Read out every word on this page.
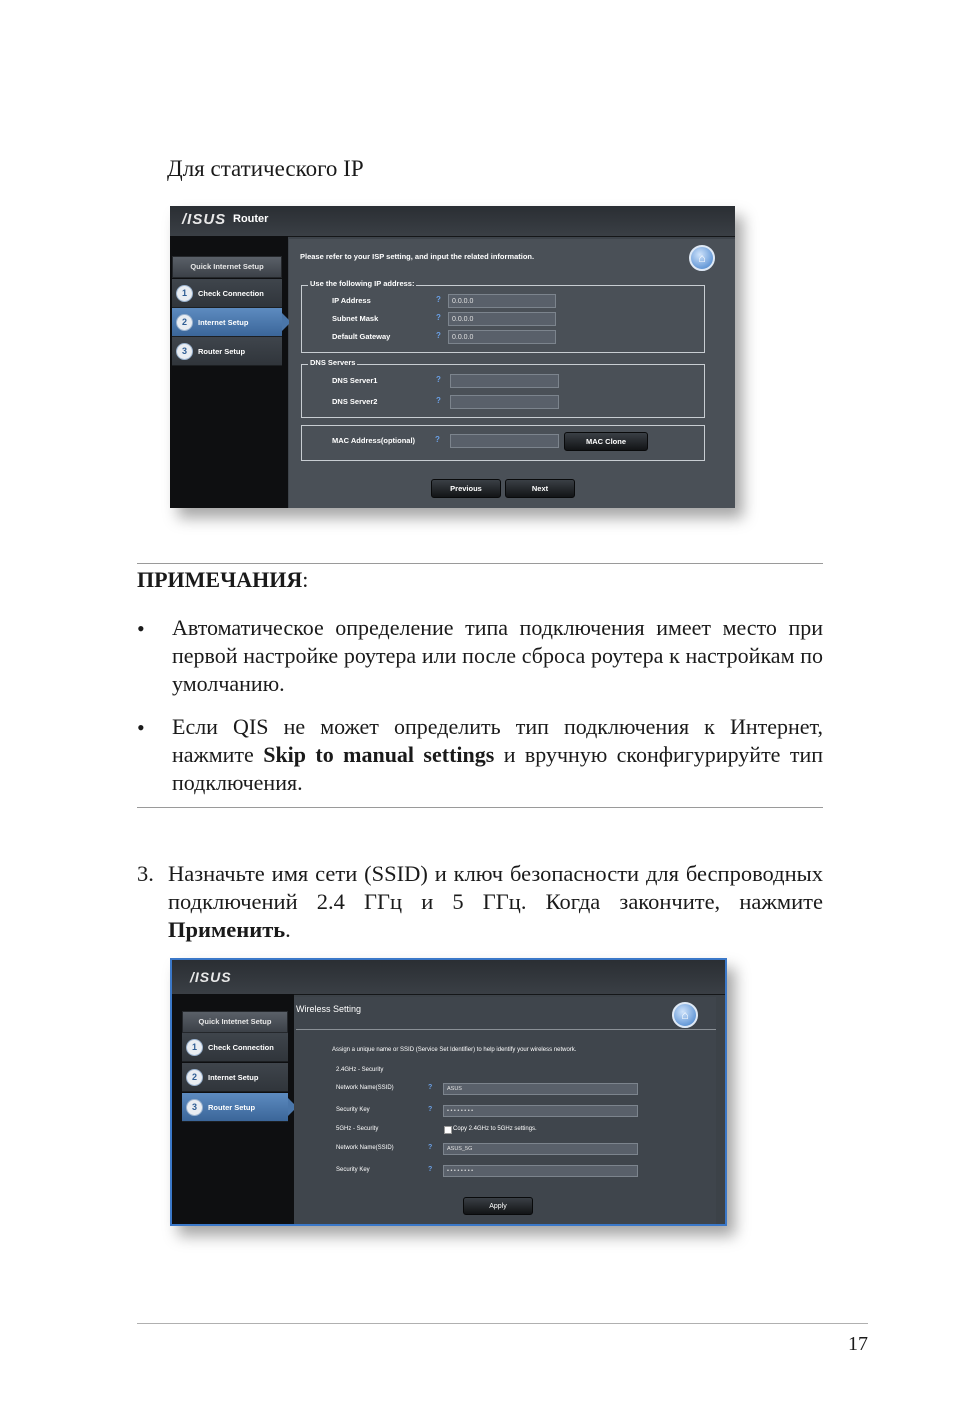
Для статического IP
/ISUS Router
Quick Internet Setup
1	Check Connection
2	Internet Setup
3	Router Setup
Please refer to your ISP setting, and input the related information.	⌂
Use the following IP address:
IP Address	?	0.0.0.0
Subnet Mask	?	0.0.0.0
Default Gateway	?	0.0.0.0
DNS Servers
DNS Server1	?
DNS Server2	?
MAC Address(optional) ?	MAC Clone
Previous	Next
ПРИМЕЧАНИЯ:
• Автоматическое определение типа подключения имеет место при первой настройке роутера или после сброса роутера к настройкам по умолчанию.
• Если QIS не может определить тип подключения к Интернет, нажмите Skip to manual settings и вручную сконфигурируйте тип подключения.
3. Назначьте имя сети (SSID) и ключ безопасности для беспроводных подключений 2.4 ГГц и 5 ГГц. Когда закончите, нажмите Применить.
/ISUS
Quick Intetnet Setup
1	Check Connection
2	Internet Setup
3	Router Setup
Wireless Setting	⌂
Assign a unique name or SSID (Service Set Identifier) to help identify your wireless network.
2.4GHz - Security
Network Name(SSID)	?	ASUS
Security Key	?	• • • • • • • •
5GHz - Security	Copy 2.4GHz to 5GHz settings.
Network Name(SSID)	?	ASUS_5G
Security Key	?	• • • • • • • •
Apply
17
